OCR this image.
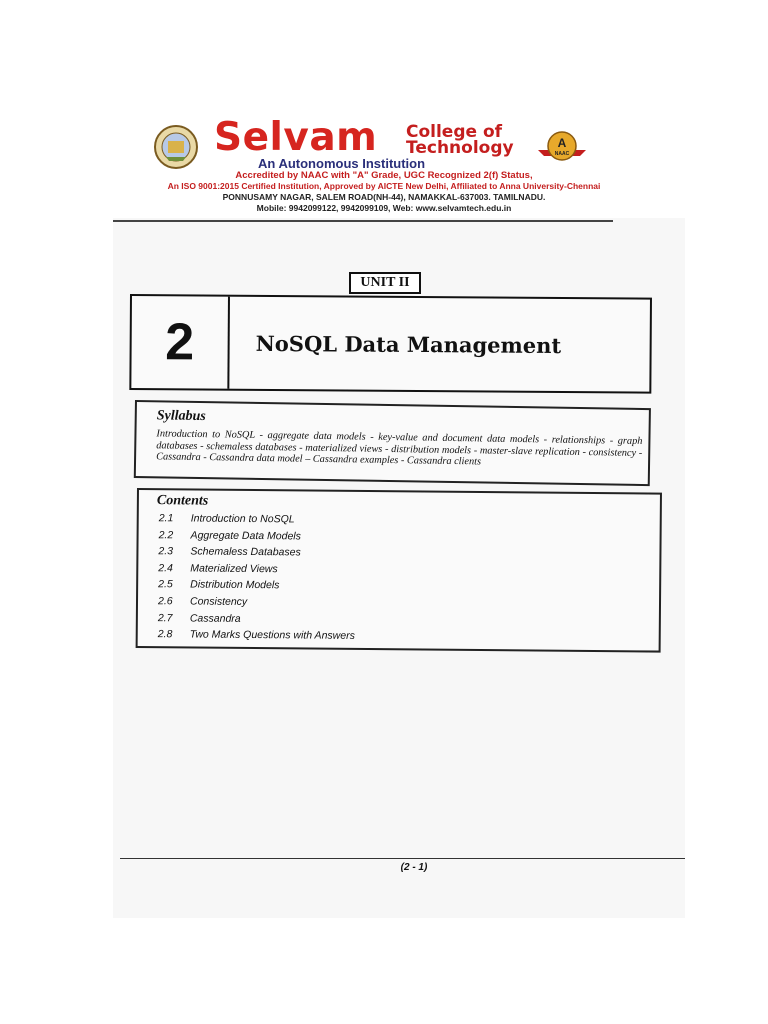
Selvam College of
Technology	A
NAAC
An Autonomous Institution
Accredited by NAAC with "A" Grade, UGC Recognized 2(f) Status,
An ISO 9001:2015 Certified Institution, Approved by AICTE New Delhi, Affiliated to Anna University-Chennai
PONNUSAMY NAGAR, SALEM ROAD(NH-44), NAMAKKAL-637003. TAMILNADU.
Mobile: 9942099122, 9942099109, Web: www.selvamtech.edu.in
UNIT II
2	NoSQL Data Management
Syllabus
Introduction to NoSQL - aggregate data models - key-value and document data models - relationships - graph databases - schemaless databases - materialized views - distribution models - master-slave replication - consistency - Cassandra - Cassandra data model – Cassandra examples - Cassandra clients
Contents
2.1 Introduction to NoSQL
2.2 Aggregate Data Models
2.3 Schemaless Databases
2.4 Materialized Views
2.5 Distribution Models
2.6 Consistency
2.7 Cassandra
2.8 Two Marks Questions with Answers
(2 - 1)
